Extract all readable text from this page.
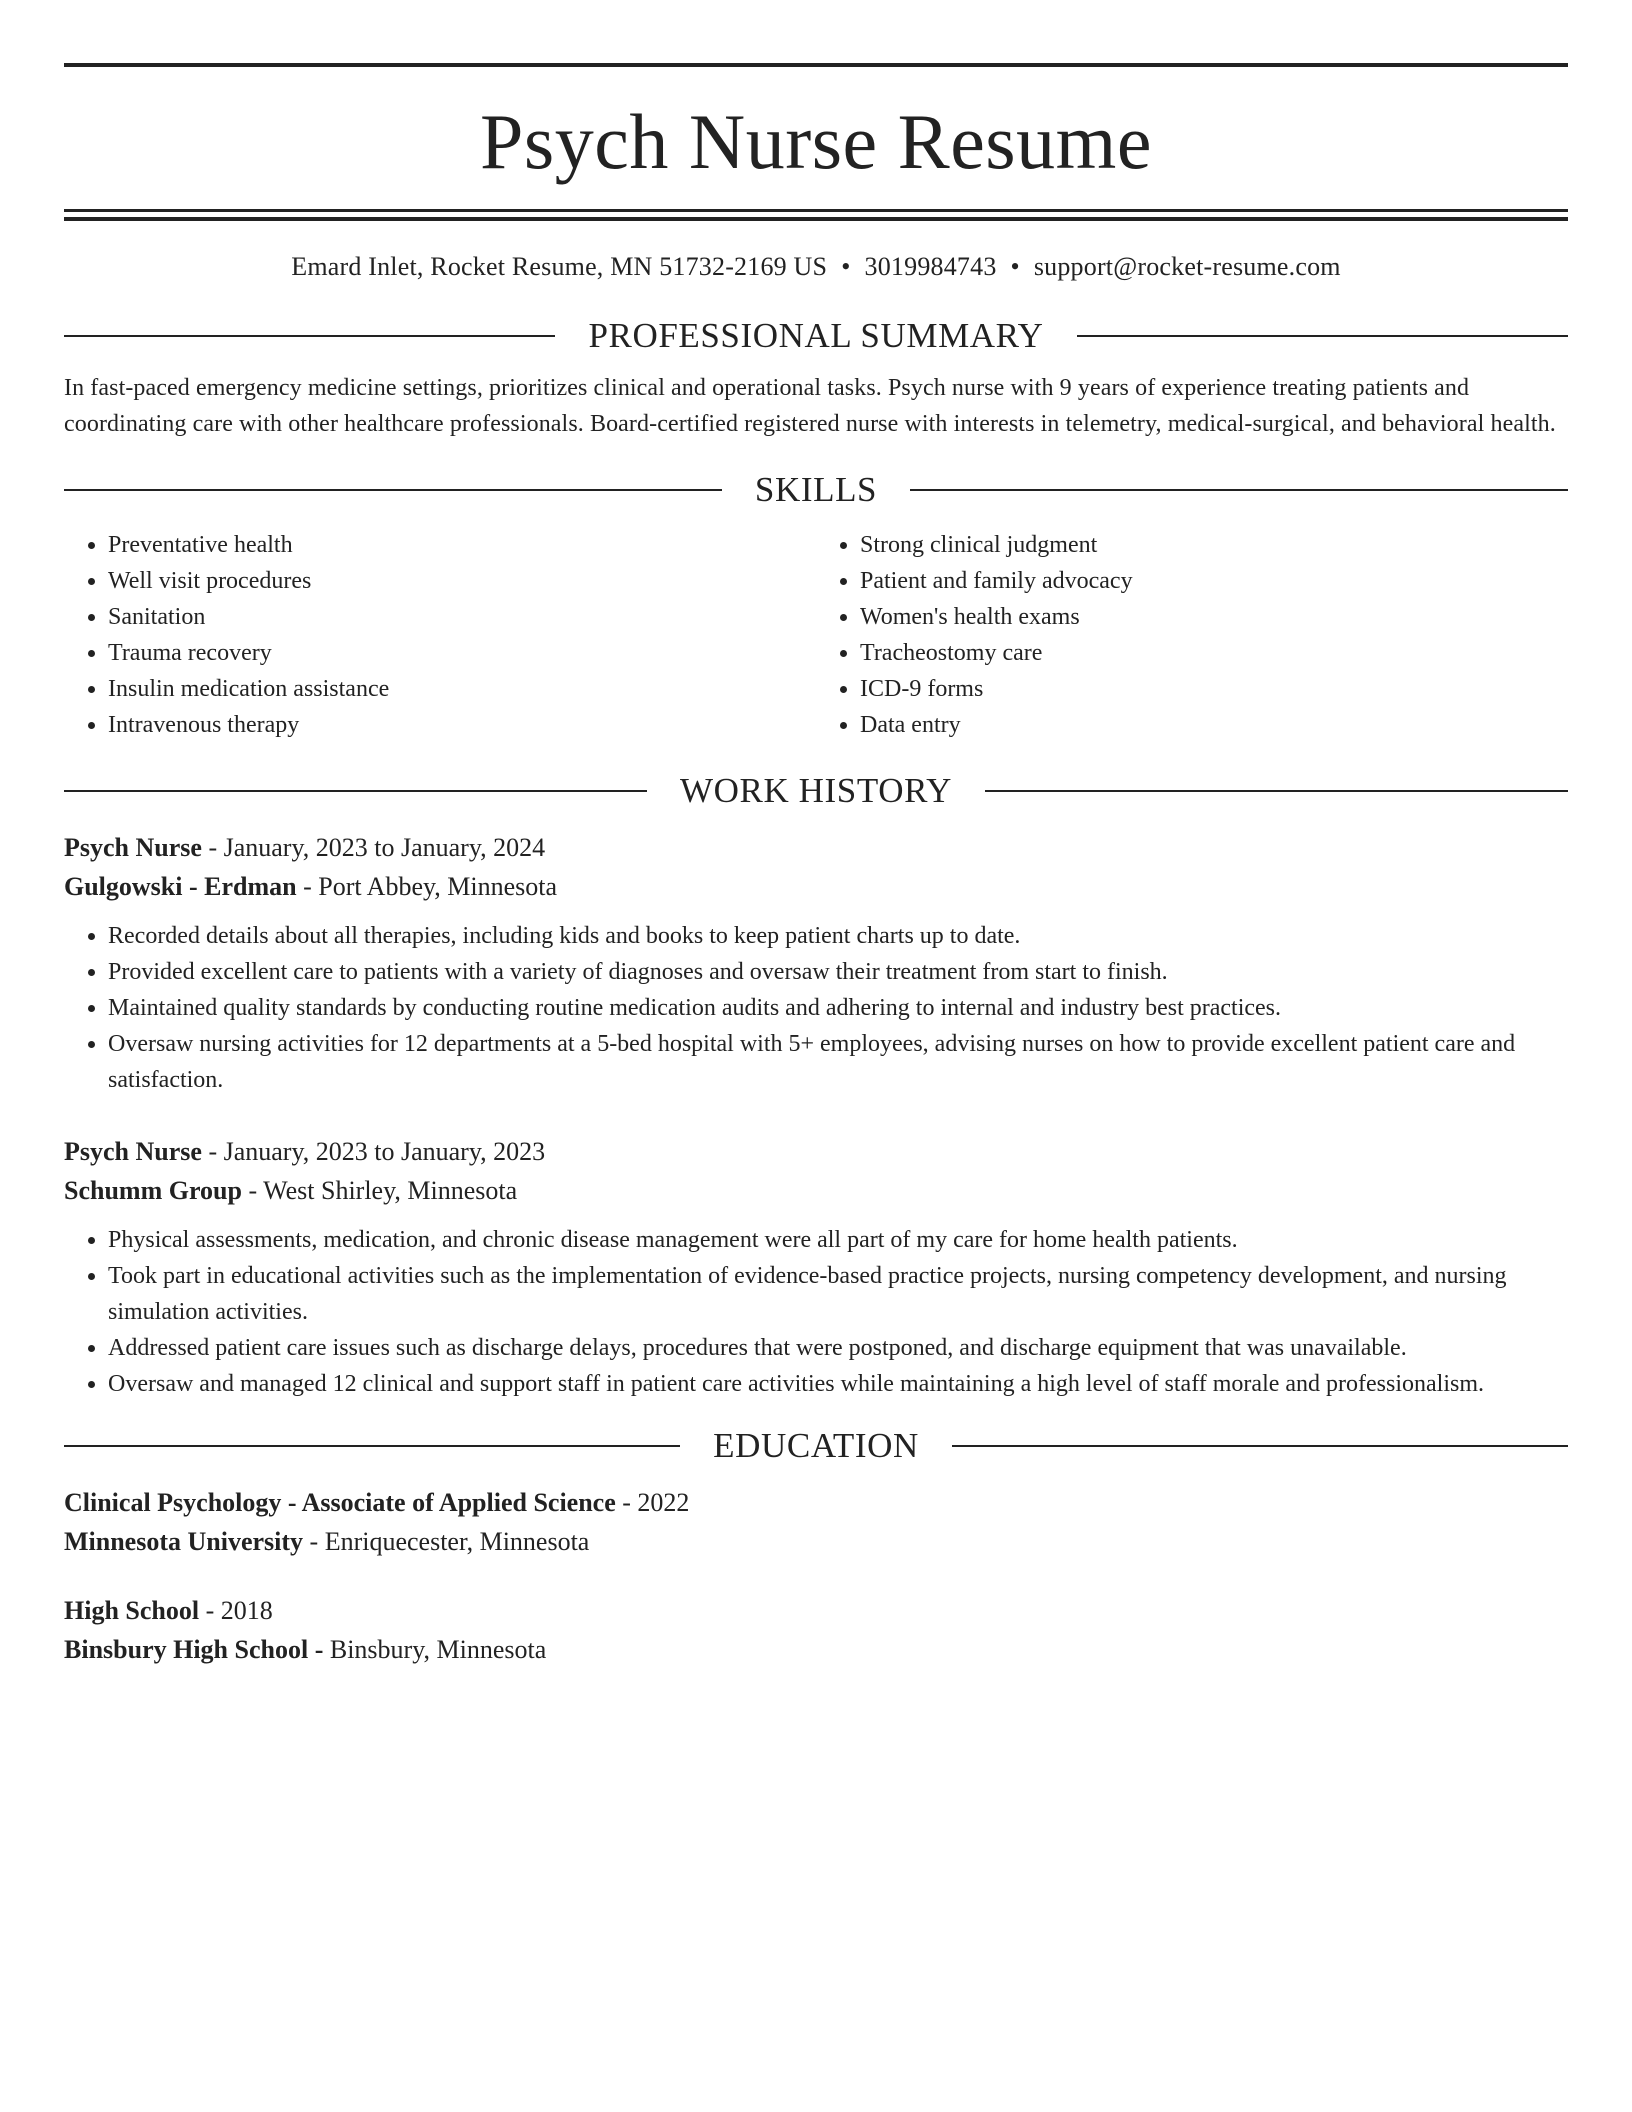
Psych Nurse Resume
Emard Inlet, Rocket Resume, MN 51732-2169 US • 3019984743 • support@rocket-resume.com
PROFESSIONAL SUMMARY
In fast-paced emergency medicine settings, prioritizes clinical and operational tasks. Psych nurse with 9 years of experience treating patients and coordinating care with other healthcare professionals. Board-certified registered nurse with interests in telemetry, medical-surgical, and behavioral health.
SKILLS
• Preventative health
• Well visit procedures
• Sanitation
• Trauma recovery
• Insulin medication assistance
• Intravenous therapy
• Strong clinical judgment
• Patient and family advocacy
• Women's health exams
• Tracheostomy care
• ICD-9 forms
• Data entry
WORK HISTORY
Psych Nurse - January, 2023 to January, 2024
Gulgowski - Erdman - Port Abbey, Minnesota
• Recorded details about all therapies, including kids and books to keep patient charts up to date.
• Provided excellent care to patients with a variety of diagnoses and oversaw their treatment from start to finish.
• Maintained quality standards by conducting routine medication audits and adhering to internal and industry best practices.
• Oversaw nursing activities for 12 departments at a 5-bed hospital with 5+ employees, advising nurses on how to provide excellent patient care and satisfaction.
Psych Nurse - January, 2023 to January, 2023
Schumm Group - West Shirley, Minnesota
• Physical assessments, medication, and chronic disease management were all part of my care for home health patients.
• Took part in educational activities such as the implementation of evidence-based practice projects, nursing competency development, and nursing simulation activities.
• Addressed patient care issues such as discharge delays, procedures that were postponed, and discharge equipment that was unavailable.
• Oversaw and managed 12 clinical and support staff in patient care activities while maintaining a high level of staff morale and professionalism.
EDUCATION
Clinical Psychology - Associate of Applied Science - 2022
Minnesota University - Enriquecester, Minnesota
High School - 2018
Binsbury High School - Binsbury, Minnesota
